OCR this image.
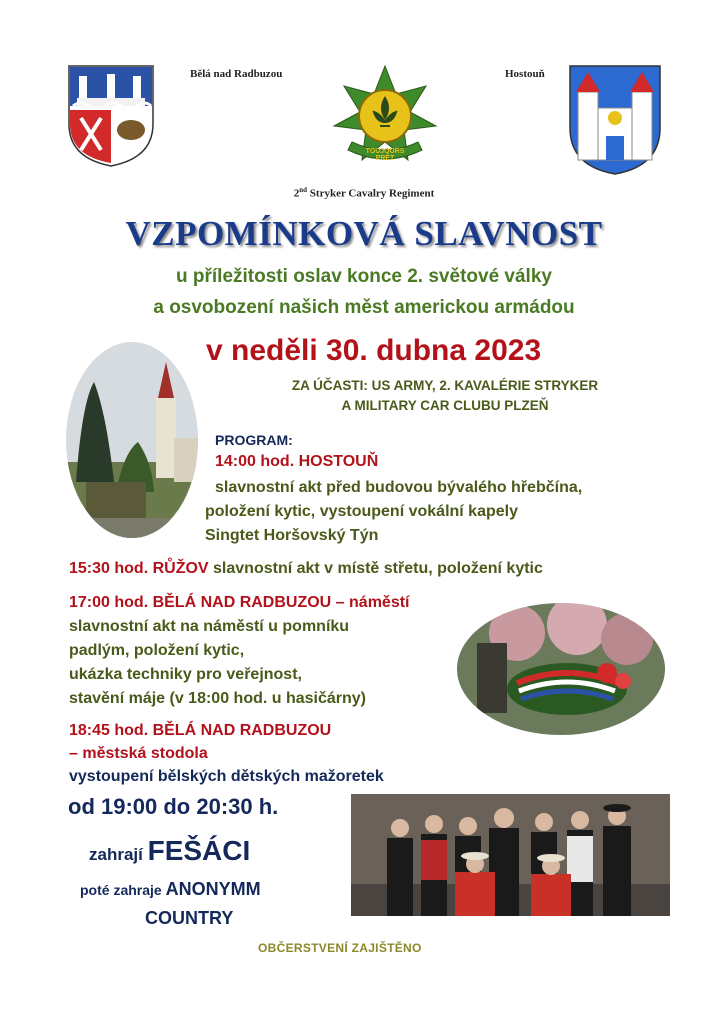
Bělá nad Radbuzou
TOUJOURS PRÊT
Hostouň
2nd Stryker Cavalry Regiment
VZPOMÍNKOVÁ SLAVNOST
u příležitosti oslav konce 2. světové války
a osvobození našich měst americkou armádou
v neděli 30. dubna 2023
ZA ÚČASTI: US ARMY, 2. KAVALÉRIE STRYKER
A MILITARY CAR CLUBU PLZEŇ
PROGRAM:
14:00 hod. HOSTOUŇ
slavnostní akt před budovou bývalého hřebčína,
položení kytic, vystoupení vokální kapely
Singtet Horšovský Týn
15:30 hod. RŮŽOV slavnostní akt v místě střetu, položení kytic
17:00 hod. BĚLÁ NAD RADBUZOU – náměstí
slavnostní akt na náměstí u pomníku
padlým, položení kytic,
ukázka techniky pro veřejnost,
stavění máje (v 18:00 hod. u hasičárny)
18:45 hod. BĚLÁ NAD RADBUZOU
– městská stodola
vystoupení bělských dětských mažoretek
od 19:00 do 20:30 h.
zahrají FEŠÁCI
poté zahraje ANONYMM
COUNTRY
OBČERSTVENÍ ZAJIŠTĚNO
